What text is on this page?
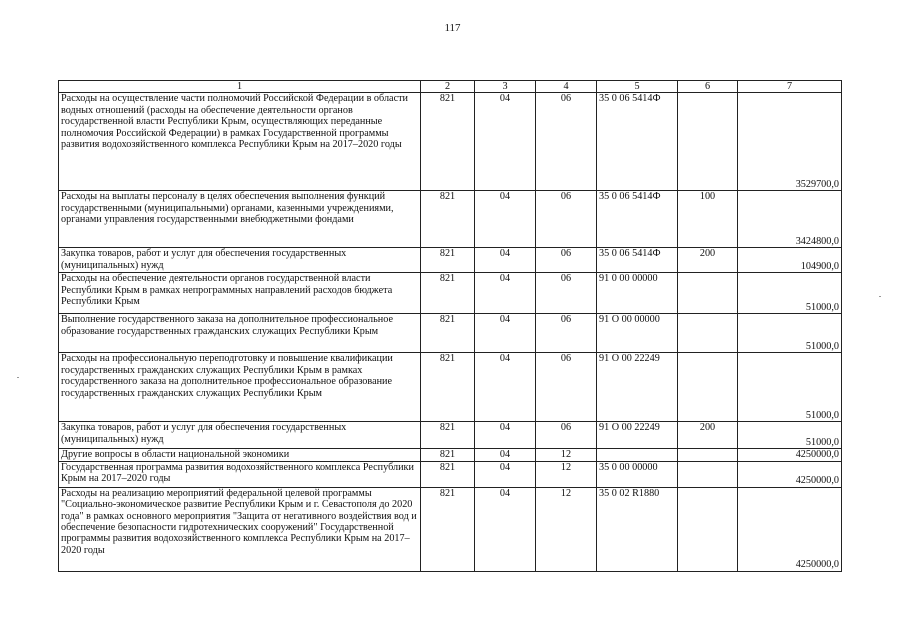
117
1	2	3	4	5	6	7
Расходы на осуществление части полномочий Российской Федерации в области водных отношений (расходы на обеспечение деятельности органов государственной власти Республики Крым, осуществляющих переданные полномочия Российской Федерации) в рамках Государственной программы развития водохозяйственного комплекса Республики Крым на 2017–2020 годы	821	04	06	35 0 06 5414Ф		3529700,0
Расходы на выплаты персоналу в целях обеспечения выполнения функций государственными (муниципальными) органами, казенными учреждениями, органами управления государственными внебюджетными фондами	821	04	06	35 0 06 5414Ф	100	3424800,0
Закупка товаров, работ и услуг для обеспечения государственных (муниципальных) нужд	821	04	06	35 0 06 5414Ф	200	104900,0
Расходы на обеспечение деятельности органов государственной власти Республики Крым в рамках непрограммных направлений расходов бюджета Республики Крым	821	04	06	91 0 00 00000		51000,0
Выполнение государственного заказа на дополнительное профессиональное образование государственных гражданских служащих Республики Крым	821	04	06	91 О 00 00000		51000,0
Расходы на профессиональную переподготовку и повышение квалификации государственных гражданских служащих Республики Крым в рамках государственного заказа на дополнительное профессиональное образование государственных гражданских служащих Республики Крым	821	04	06	91 О 00 22249		51000,0
Закупка товаров, работ и услуг для обеспечения государственных (муниципальных) нужд	821	04	06	91 О 00 22249	200	51000,0
Другие вопросы в области национальной экономики	821	04	12			4250000,0
Государственная программа развития водохозяйственного комплекса Республики Крым на 2017–2020 годы	821	04	12	35 0 00 00000		4250000,0
Расходы на реализацию мероприятий федеральной целевой программы "Социально-экономическое развитие Республики Крым и г. Севастополя до 2020 года" в рамках основного мероприятия "Защита от негативного воздействия вод и обеспечение безопасности гидротехнических сооружений" Государственной программы развития водохозяйственного комплекса Республики Крым на 2017–2020 годы	821	04	12	35 0 02 R1880		4250000,0
